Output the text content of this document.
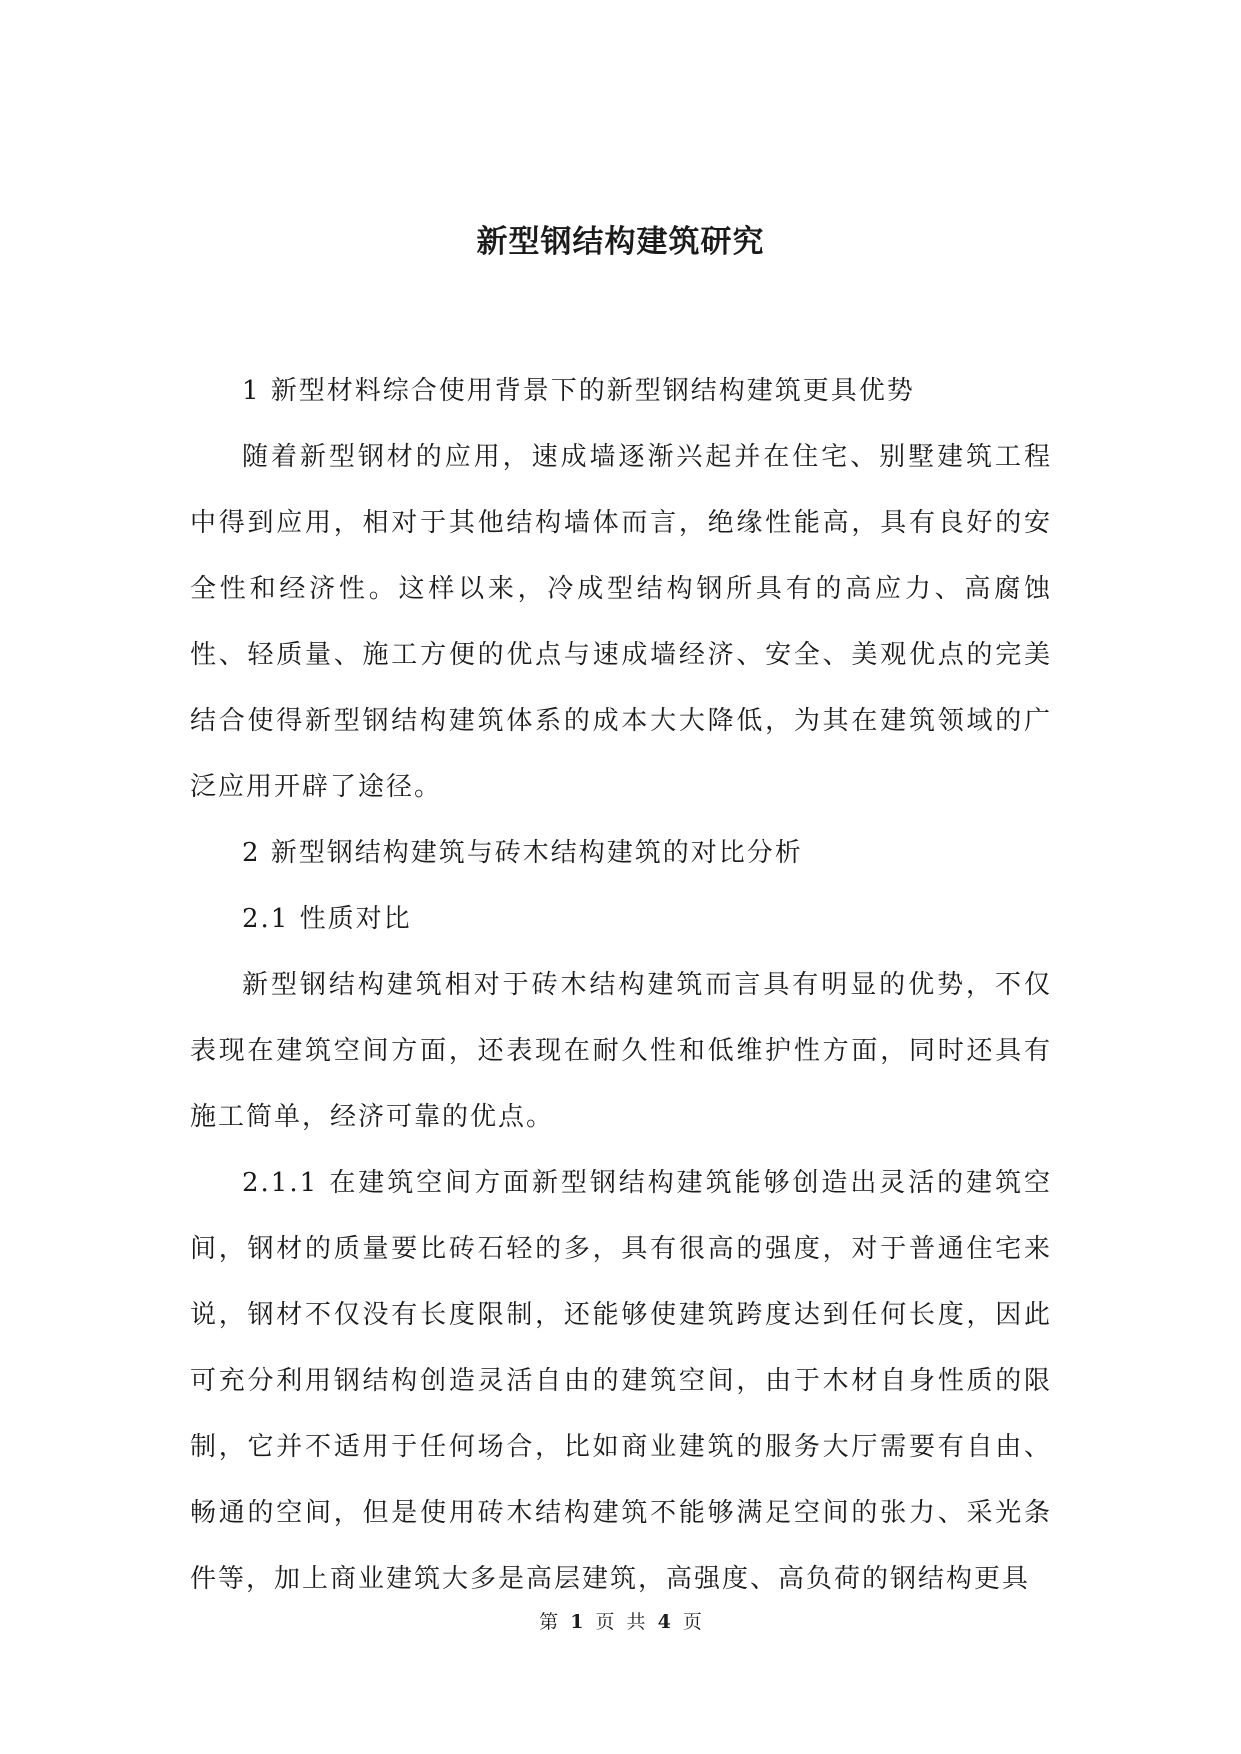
新型钢结构建筑研究

1 新型材料综合使用背景下的新型钢结构建筑更具优势

随着新型钢材的应用，速成墙逐渐兴起并在住宅、别墅建筑工程中得到应用，相对于其他结构墙体而言，绝缘性能高，具有良好的安全性和经济性。这样以来，冷成型结构钢所具有的高应力、高腐蚀性、轻质量、施工方便的优点与速成墙经济、安全、美观优点的完美结合使得新型钢结构建筑体系的成本大大降低，为其在建筑领域的广泛应用开辟了途径。

2 新型钢结构建筑与砖木结构建筑的对比分析

2.1 性质对比

新型钢结构建筑相对于砖木结构建筑而言具有明显的优势，不仅表现在建筑空间方面，还表现在耐久性和低维护性方面，同时还具有施工简单，经济可靠的优点。

2.1.1 在建筑空间方面新型钢结构建筑能够创造出灵活的建筑空间，钢材的质量要比砖石轻的多，具有很高的强度，对于普通住宅来说，钢材不仅没有长度限制，还能够使建筑跨度达到任何长度，因此可充分利用钢结构创造灵活自由的建筑空间，由于木材自身性质的限制，它并不适用于任何场合，比如商业建筑的服务大厅需要有自由、畅通的空间，但是使用砖木结构建筑不能够满足空间的张力、采光条件等，加上商业建筑大多是高层建筑，高强度、高负荷的钢结构更具

第 1 页 共 4 页
